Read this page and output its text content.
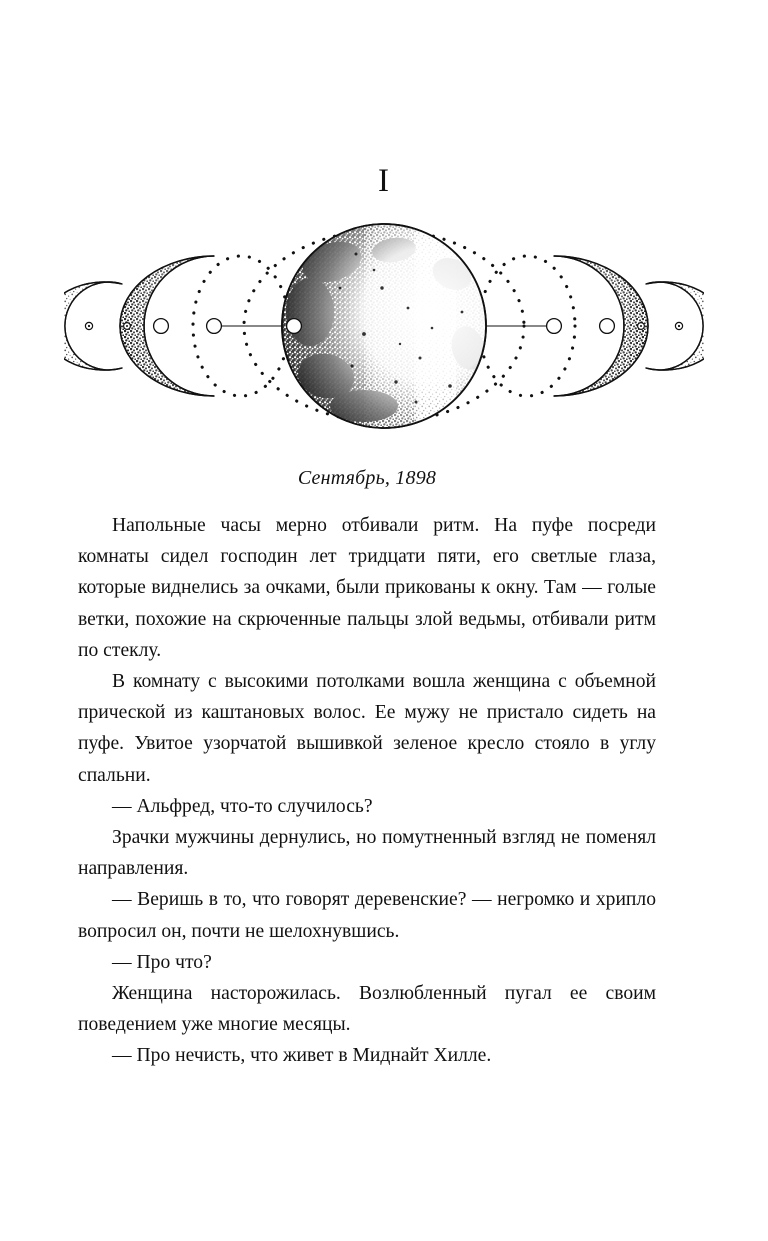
I
Сентябрь, 1898

Напольные часы мерно отбивали ритм. На пуфе посреди комнаты сидел господин лет тридцати пяти, его светлые глаза, которые виднелись за очками, были прикованы к окну. Там — голые ветки, похожие на скрюченные пальцы злой ведьмы, отбивали ритм по стеклу.

В комнату с высокими потолками вошла женщина с объемной прической из каштановых волос. Ее мужу не пристало сидеть на пуфе. Увитое узорчатой вышивкой зеленое кресло стояло в углу спальни.

— Альфред, что-то случилось?

Зрачки мужчины дернулись, но помутненный взгляд не поменял направления.

— Веришь в то, что говорят деревенские? — негромко и хрипло вопросил он, почти не шелохнувшись.

— Про что?

Женщина насторожилась. Возлюбленный пугал ее своим поведением уже многие месяцы.

— Про нечисть, что живет в Миднайт Хилле.
